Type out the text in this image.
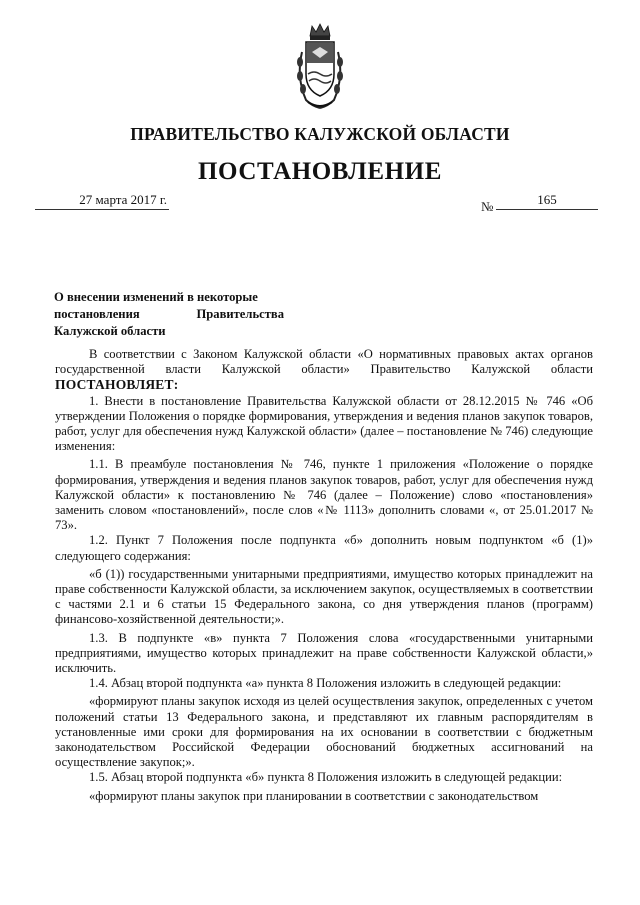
ПРАВИТЕЛЬСТВО КАЛУЖСКОЙ ОБЛАСТИ
ПОСТАНОВЛЕНИЕ
27 марта 2017 г.	№	165
О внесении изменений в некоторые
постановления	Правительства
Калужской области

В соответствии с Законом Калужской области «О нормативных правовых актах органов государственной власти Калужской области» Правительство Калужской области ПОСТАНОВЛЯЕТ:

1. Внести в постановление Правительства Калужской области от 28.12.2015 № 746 «Об утверждении Положения о порядке формирования, утверждения и ведения планов закупок товаров, работ, услуг для обеспечения нужд Калужской области» (далее – постановление № 746) следующие изменения:

1.1. В преамбуле постановления № 746, пункте 1 приложения «Положение о порядке формирования, утверждения и ведения планов закупок товаров, работ, услуг для обеспечения нужд Калужской области» к постановлению № 746 (далее – Положение) слово «постановления» заменить словом «постановлений», после слов «№ 1113» дополнить словами «, от 25.01.2017 № 73».

1.2. Пункт 7 Положения после подпункта «б» дополнить новым подпунктом «б (1)» следующего содержания:

«б (1)) государственными унитарными предприятиями, имущество которых принадлежит на праве собственности Калужской области, за исключением закупок, осуществляемых в соответствии с частями 2.1 и 6 статьи 15 Федерального закона, со дня утверждения планов (программ) финансово-хозяйственной деятельности;».

1.3. В подпункте «в» пункта 7 Положения слова «государственными унитарными предприятиями, имущество которых принадлежит на праве собственности Калужской области,» исключить.

1.4. Абзац второй подпункта «а» пункта 8 Положения изложить в следующей редакции:

«формируют планы закупок исходя из целей осуществления закупок, определенных с учетом положений статьи 13 Федерального закона, и представляют их главным распорядителям в установленные ими сроки для формирования на их основании в соответствии с бюджетным законодательством Российской Федерации обоснований бюджетных ассигнований на осуществление закупок;».

1.5. Абзац второй подпункта «б» пункта 8 Положения изложить в следующей редакции:

«формируют планы закупок при планировании в соответствии с законодательством
